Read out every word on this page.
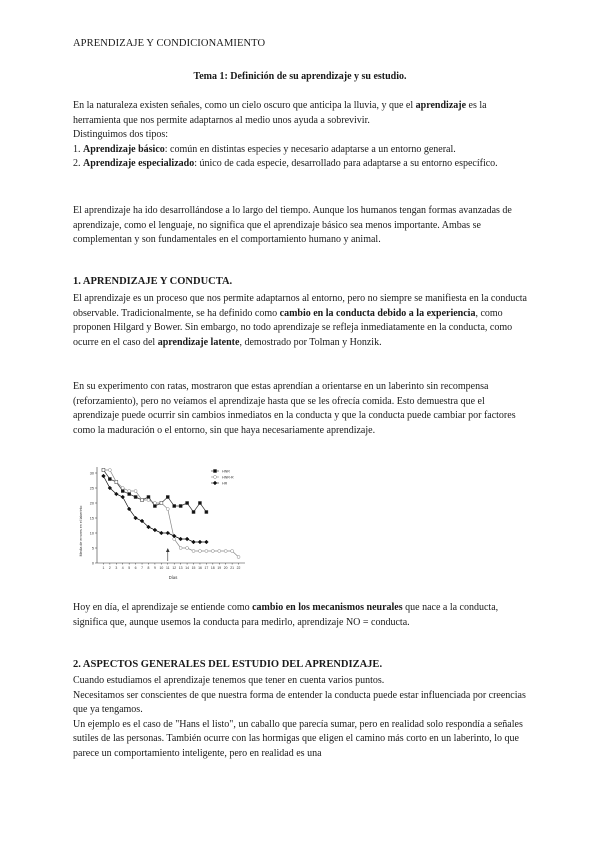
APRENDIZAJE Y CONDICIONAMIENTO
Tema 1: Definición de su aprendizaje y su estudio.

En la naturaleza existen señales, como un cielo oscuro que anticipa la lluvia, y que el aprendizaje es la herramienta que nos permite adaptarnos al medio unos ayuda a sobrevivir.

Distinguimos dos tipos:

1. Aprendizaje básico: común en distintas especies y necesario adaptarse a un entorno general.

2. Aprendizaje especializado: único de cada especie, desarrollado para adaptarse a su entorno específico.

El aprendizaje ha ido desarrollándose a lo largo del tiempo. Aunque los humanos tengan formas avanzadas de aprendizaje, como el lenguaje, no significa que el aprendizaje básico sea menos importante. Ambas se complementan y son fundamentales en el comportamiento humano y animal.
1. APRENDIZAJE Y CONDUCTA.
El aprendizaje es un proceso que nos permite adaptarnos al entorno, pero no siempre se manifiesta en la conducta observable. Tradicionalmente, se ha definido como cambio en la conducta debido a la experiencia, como proponen Hilgard y Bower. Sin embargo, no todo aprendizaje se refleja inmediatamente en la conducta, como ocurre en el caso del aprendizaje latente, demostrado por Tolman y Honzik.
En su experimento con ratas, mostraron que estas aprendían a orientarse en un laberinto sin recompensa (reforzamiento), pero no veíamos el aprendizaje hasta que se les ofrecía comida. Esto demuestra que el aprendizaje puede ocurrir sin cambios inmediatos en la conducta y que la conducta puede cambiar por factores como la maduración o el entorno, sin que haya necesariamente aprendizaje.
0
5
10
15
20
25
30
1 2 3 4 5 6 7 8 9 10 11 12 13 14 15 16 17 18 19 20 21 22
HNR
HNR-R
HR
Media de errores en el laberinto
Días
Hoy en día, el aprendizaje se entiende como cambio en los mecanismos neurales que nace a la conducta, significa que, aunque usemos la conducta para medirlo, aprendizaje NO = conducta.
2. ASPECTOS GENERALES DEL ESTUDIO DEL APRENDIZAJE.

Cuando estudiamos el aprendizaje tenemos que tener en cuenta varios puntos.

Necesitamos ser conscientes de que nuestra forma de entender la conducta puede estar influenciada por creencias que ya tengamos.

Un ejemplo es el caso de "Hans el listo", un caballo que parecía sumar, pero en realidad solo respondía a señales sutiles de las personas. También ocurre con las hormigas que eligen el camino más corto en un laberinto, lo que parece un comportamiento inteligente, pero en realidad es una
